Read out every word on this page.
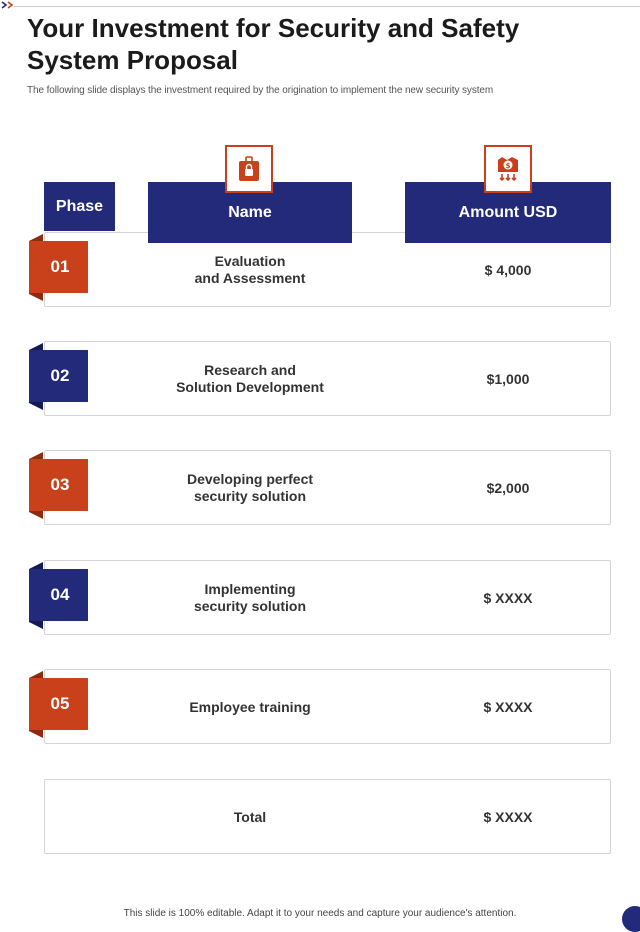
Your Investment for Security and Safety System Proposal
The following slide displays the investment required by the origination to implement the new security system
$
Phase	Name	Amount USD
01	Evaluation
and Assessment	$ 4,000
02	Research and
Solution Development	$1,000
03	Developing perfect
security solution	$2,000
04	Implementing
security solution	$ XXXX
05	Employee training	$ XXXX
Total	$ XXXX
This slide is 100% editable. Adapt it to your needs and capture your audience's attention.
